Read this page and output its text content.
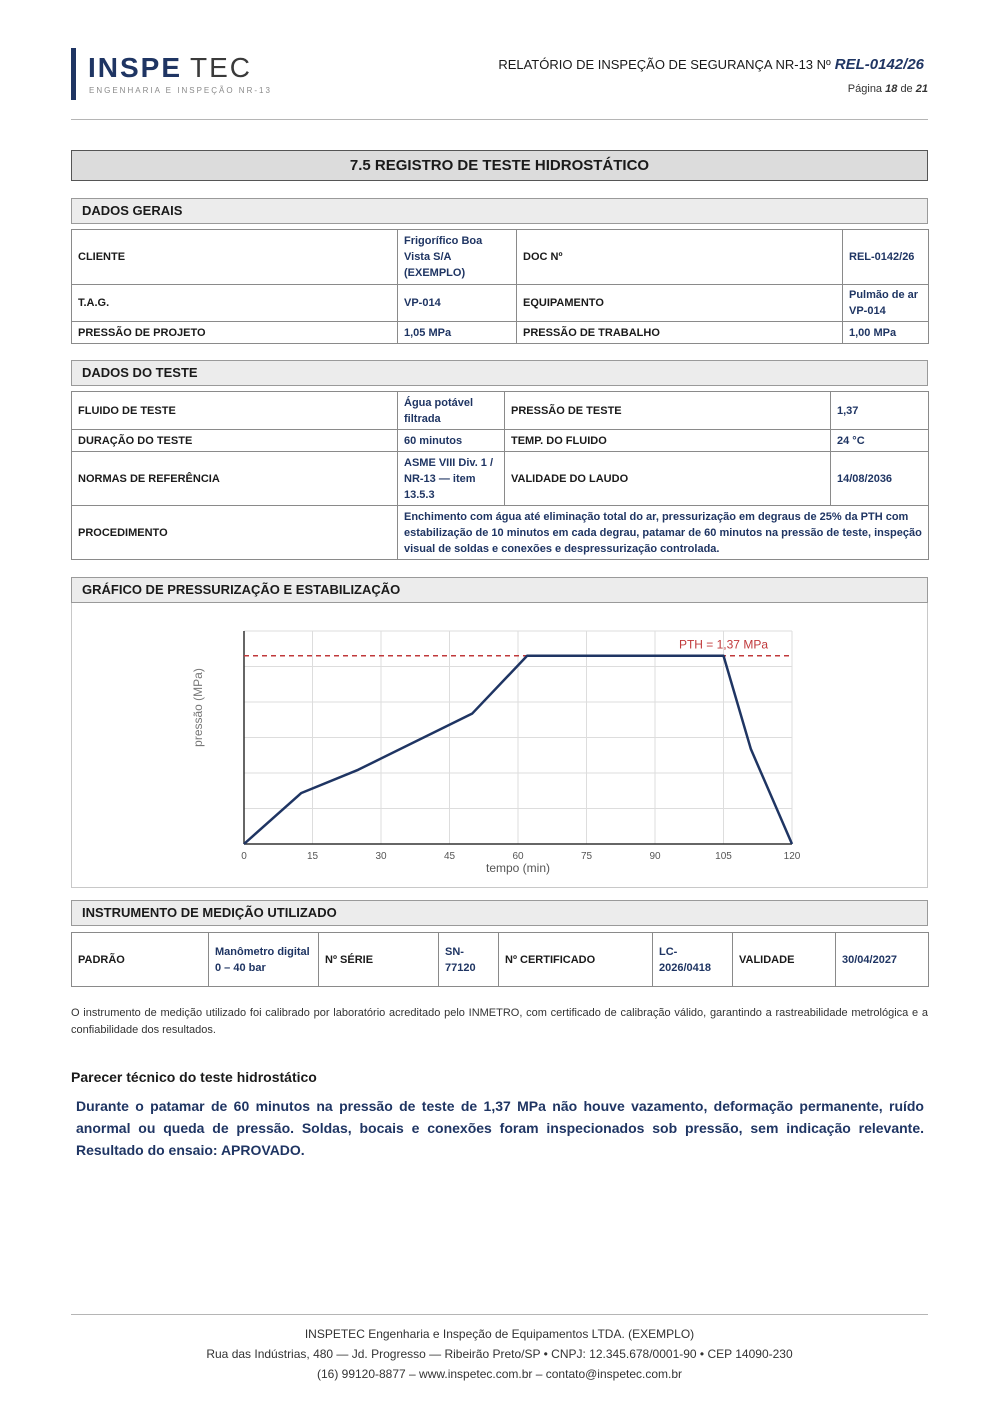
INSPE TEC
ENGENHARIA E INSPEÇÃO NR-13
RELATÓRIO DE INSPEÇÃO DE SEGURANÇA NR-13 Nº REL-0142/26
Página 18 de 21
7.5 REGISTRO DE TESTE HIDROSTÁTICO
DADOS GERAIS
CLIENTE	Frigorífico Boa Vista S/A (EXEMPLO)	DOC Nº	REL-0142/26
T.A.G.	VP-014	EQUIPAMENTO	Pulmão de ar VP-014
PRESSÃO DE PROJETO	1,05 MPa	PRESSÃO DE TRABALHO	1,00 MPa
DADOS DO TESTE
FLUIDO DE TESTE	Água potável filtrada	PRESSÃO DE TESTE	1,37
DURAÇÃO DO TESTE	60 minutos	TEMP. DO FLUIDO	24 °C
NORMAS DE REFERÊNCIA	ASME VIII Div. 1 / NR-13 — item 13.5.3	VALIDADE DO LAUDO	14/08/2036
PROCEDIMENTO	Enchimento com água até eliminação total do ar, pressurização em degraus de 25% da PTH com estabilização de 10 minutos em cada degrau, patamar de 60 minutos na pressão de teste, inspeção visual de soldas e conexões e despressurização controlada.		
GRÁFICO DE PRESSURIZAÇÃO E ESTABILIZAÇÃO
0	15	30	45	60	75	90	105	120
tempo (min)
pressão (MPa)
PTH = 1,37 MPa
INSTRUMENTO DE MEDIÇÃO UTILIZADO
PADRÃO	Manômetro digital 0 – 40 bar	Nº SÉRIE	SN-77120	Nº CERTIFICADO	LC-2026/0418	VALIDADE	30/04/2027
O instrumento de medição utilizado foi calibrado por laboratório acreditado pelo INMETRO, com certificado de calibração válido, garantindo a rastreabilidade metrológica e a confiabilidade dos resultados.
Parecer técnico do teste hidrostático
Durante o patamar de 60 minutos na pressão de teste de 1,37 MPa não houve vazamento, deformação permanente, ruído anormal ou queda de pressão. Soldas, bocais e conexões foram inspecionados sob pressão, sem indicação relevante. Resultado do ensaio: APROVADO.
INSPETEC Engenharia e Inspeção de Equipamentos LTDA. (EXEMPLO)
Rua das Indústrias, 480 — Jd. Progresso — Ribeirão Preto/SP • CNPJ: 12.345.678/0001-90 • CEP 14090-230
(16) 99120-8877 – www.inspetec.com.br – contato@inspetec.com.br
